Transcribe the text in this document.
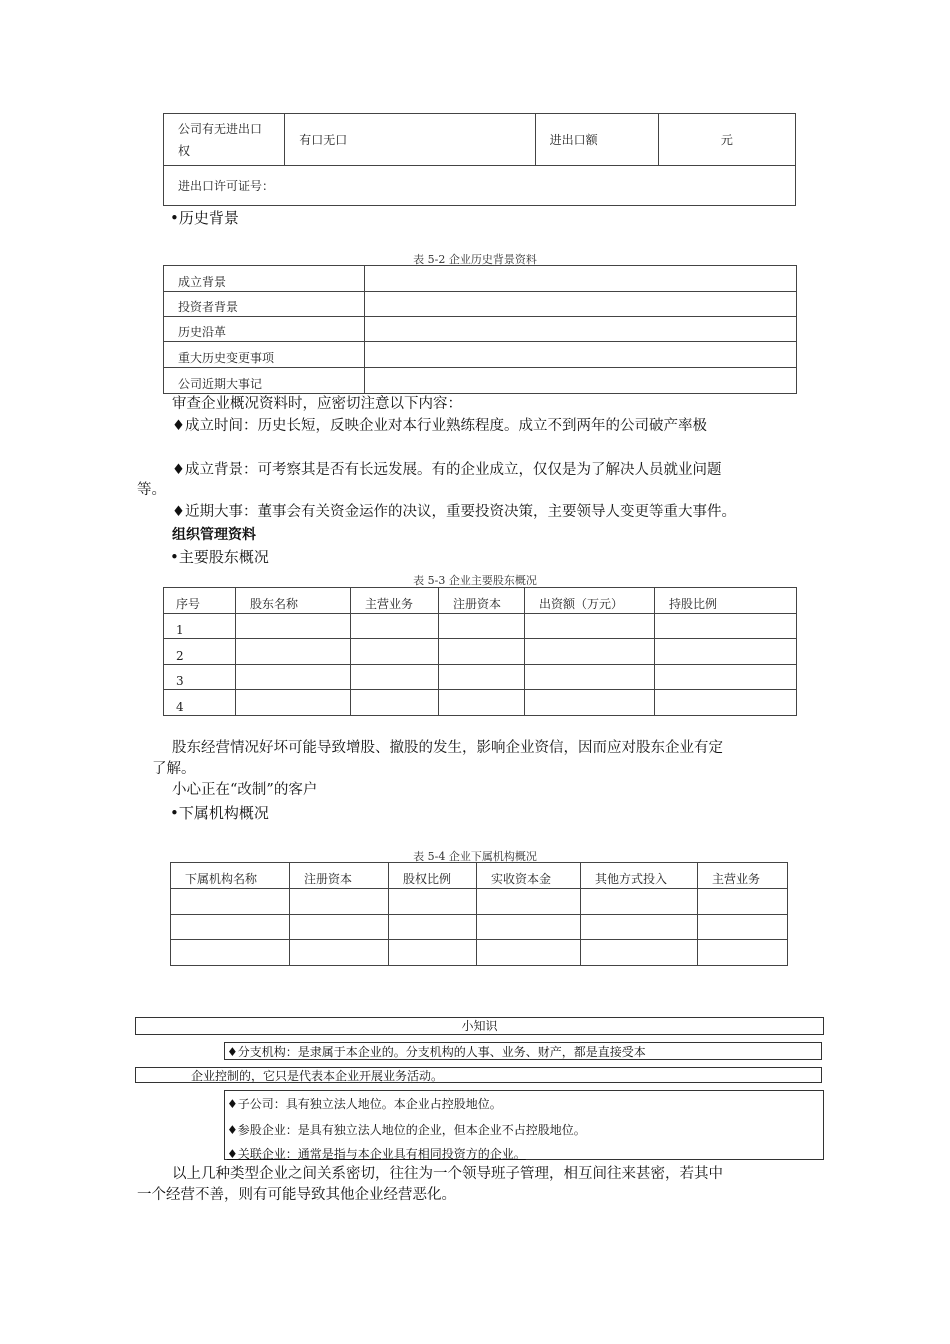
公司有无进出口
权	有口无口	进出口额	元
进出口许可证号：
•历史背景
表 5-2 企业历史背景资料
成立背景	
投资者背景	
历史沿革	
重大历史变更事项	
公司近期大事记	
审查企业概况资料时，应密切注意以下内容：
♦成立时间：历史长短，反映企业对本行业熟练程度。成立不到两年的公司破产率极
♦成立背景：可考察其是否有长远发展。有的企业成立，仅仅是为了解决人员就业问题
等。
♦近期大事：董事会有关资金运作的决议，重要投资决策，主要领导人变更等重大事件。
组织管理资料
•主要股东概况
表 5-3 企业主要股东概况
序号	股东名称	主营业务	注册资本	出资额（万元）	持股比例
1					
2					
3					
4					
股东经营情况好坏可能导致增股、撤股的发生，影响企业资信，因而应对股东企业有定
了解。
小心正在“改制”的客户
•下属机构概况
表 5-4 企业下属机构概况
下属机构名称	注册资本	股权比例	实收资本金	其他方式投入	主营业务

小知识
♦分支机构：是隶属于本企业的。分支机构的人事、业务、财产，都是直接受本
企业控制的，它只是代表本企业开展业务活动。
♦子公司：具有独立法人地位。本企业占控股地位。
♦参股企业：是具有独立法人地位的企业，但本企业不占控股地位。
♦关联企业：通常是指与本企业具有相同投资方的企业。
以上几种类型企业之间关系密切，往往为一个领导班子管理，相互间往来甚密，若其中
一个经营不善，则有可能导致其他企业经营恶化。
